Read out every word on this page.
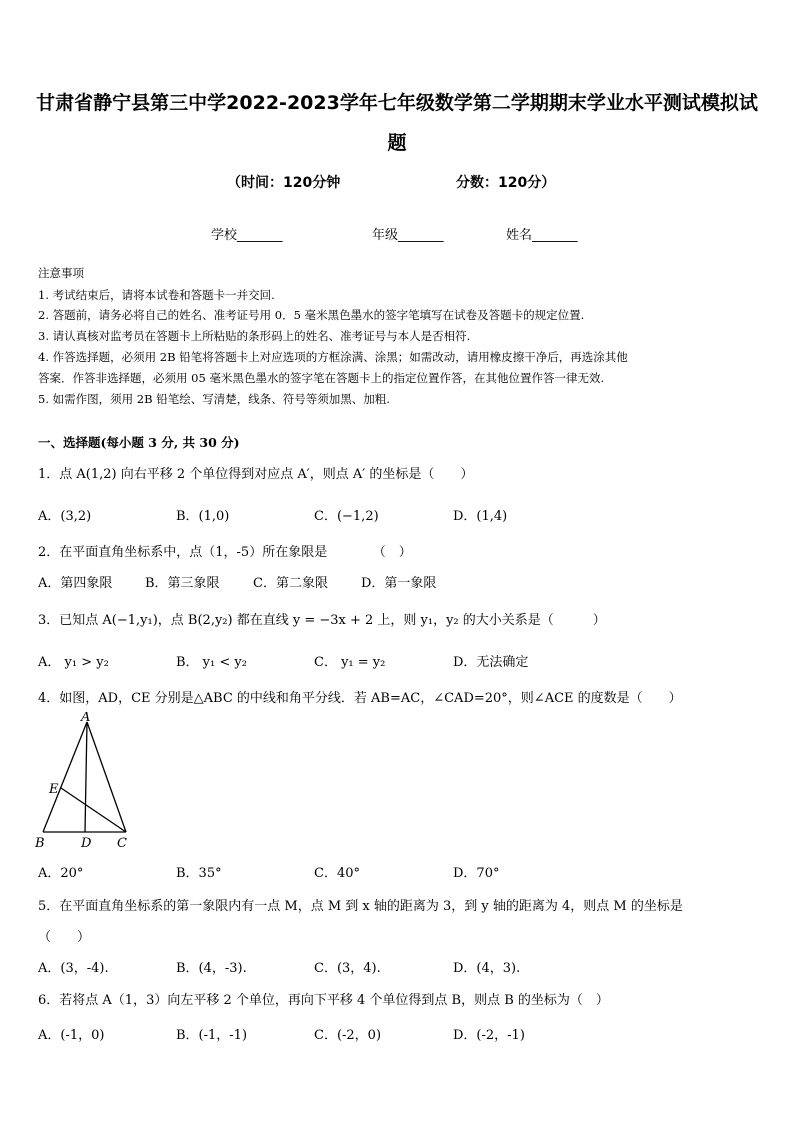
甘肃省静宁县第三中学2022-2023学年七年级数学第二学期期末学业水平测试模拟试
题
（时间：120分钟	分数：120分）
学校_______	年级_______	姓名_______
注意事项
1. 考试结束后，请将本试卷和答题卡一并交回.
2. 答题前，请务必将自己的姓名、准考证号用 0．5 毫米黑色墨水的签字笔填写在试卷及答题卡的规定位置.
3. 请认真核对监考员在答题卡上所粘贴的条形码上的姓名、准考证号与本人是否相符.
4. 作答选择题，必须用 2B 铅笔将答题卡上对应选项的方框涂满、涂黑；如需改动，请用橡皮擦干净后，再选涂其他
答案．作答非选择题，必须用 05 毫米黑色墨水的签字笔在答题卡上的指定位置作答，在其他位置作答一律无效.
5. 如需作图，须用 2B 铅笔绘、写清楚，线条、符号等须加黑、加粗.
一、选择题(每小题 3 分, 共 30 分)
1．点 A(1,2) 向右平移 2 个单位得到对应点 A′，则点 A′ 的坐标是（　　）
A．(3,2)	B．(1,0)	C．(−1,2)	D．(1,4)
2．在平面直角坐标系中，点（1，-5）所在象限是　　　　（　）
A．第四象限	B．第三象限	C．第二象限	D．第一象限
3．已知点 A(−1,y₁)，点 B(2,y₂) 都在直线 y = −3x + 2 上，则 y₁，y₂ 的大小关系是（　　　）
A． y₁ > y₂	B． y₁ < y₂	C． y₁ = y₂	D．无法确定
4．如图，AD，CE 分别是△ABC 的中线和角平分线．若 AB=AC，∠CAD=20°，则∠ACE 的度数是（　　）
A
E
B	D C
A．20°	B．35°	C．40°	D．70°
5．在平面直角坐标系的第一象限内有一点 M，点 M 到 x 轴的距离为 3，到 y 轴的距离为 4，则点 M 的坐标是
（　　）
A．(3，-4).	B．(4，-3).	C．(3，4).	D．(4，3).
6．若将点 A（1，3）向左平移 2 个单位，再向下平移 4 个单位得到点 B，则点 B 的坐标为（　）
A．(-1，0)	B．(-1，-1)	C．(-2，0)	D．(-2，-1)
